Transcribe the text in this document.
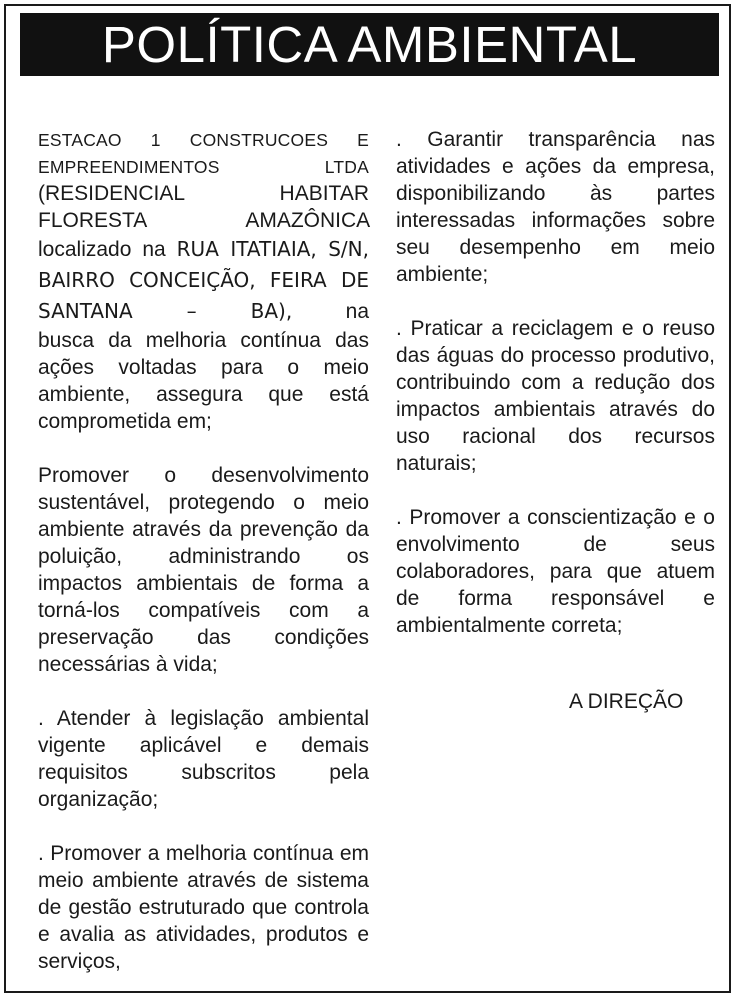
POLÍTICA AMBIENTAL

ESTACAO 1 CONSTRUCOES E EMPREENDIMENTOS LTDA (RESIDENCIAL HABITAR FLORESTA AMAZÔNICA localizado na RUA ITATIAIA, S/N, BAIRRO CONCEIÇÃO, FEIRA DE SANTANA – BA),	na
busca da melhoria contínua das ações voltadas para o meio ambiente, assegura que está comprometida em;

Promover o desenvolvimento sustentável, protegendo o meio ambiente através da prevenção da poluição, administrando os impactos ambientais de forma a torná-los compatíveis com a preservação das condições necessárias à vida;

. Atender à legislação ambiental vigente aplicável e demais requisitos subscritos pela organização;

. Promover a melhoria contínua em meio ambiente através de sistema de gestão estruturado que controla e avalia as atividades, produtos e serviços,

. Garantir transparência nas atividades e ações da empresa, disponibilizando às partes interessadas informações sobre seu desempenho em meio ambiente;

. Praticar a reciclagem e o reuso das águas do processo produtivo, contribuindo com a redução dos impactos ambientais através do uso racional dos recursos naturais;

. Promover a conscientização e o envolvimento de seus colaboradores, para que atuem de forma responsável e ambientalmente correta;

A DIREÇÃO
